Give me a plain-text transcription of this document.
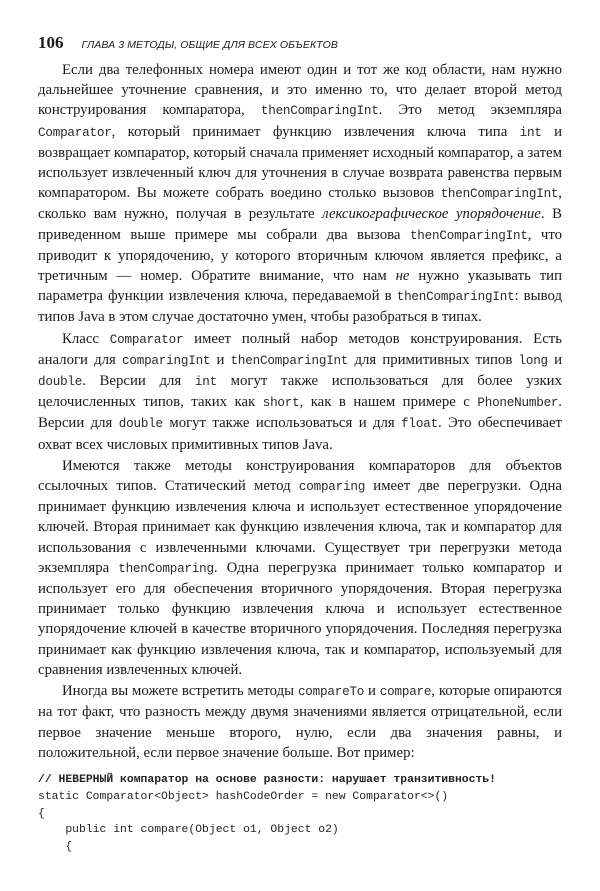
106 ГЛАВА 3 МЕТОДЫ, ОБЩИЕ ДЛЯ ВСЕХ ОБЪЕКТОВ

Если два телефонных номера имеют один и тот же код области, нам нужно дальнейшее уточнение сравнения, и это именно то, что делает второй метод конструирования компаратора, thenComparingInt. Это метод экземпляра Comparator, который принимает функцию извлечения ключа типа int и возвращает компаратор, который сначала применяет исходный компаратор, а затем использует извлеченный ключ для уточнения в случае возврата равенства первым компаратором. Вы можете собрать воедино столько вызовов thenComparingInt, сколько вам нужно, получая в результате лексикографическое упорядочение. В приведенном выше примере мы собрали два вызова thenComparingInt, что приводит к упорядочению, у которого вторичным ключом является префикс, а третичным — номер. Обратите внимание, что нам не нужно указывать тип параметра функции извлечения ключа, передаваемой в thenComparingInt: вывод типов Java в этом случае достаточно умен, чтобы разобраться в типах.

Класс Comparator имеет полный набор методов конструирования. Есть аналоги для comparingInt и thenComparingInt для примитивных типов long и double. Версии для int могут также использоваться для более узких целочисленных типов, таких как short, как в нашем примере с PhoneNumber. Версии для double могут также использоваться и для float. Это обеспечивает охват всех числовых примитивных типов Java.

Имеются также методы конструирования компараторов для объектов ссылочных типов. Статический метод comparing имеет две перегрузки. Одна принимает функцию извлечения ключа и использует естественное упорядочение ключей. Вторая принимает как функцию извлечения ключа, так и компаратор для использования с извлеченными ключами. Существует три перегрузки метода экземпляра thenComparing. Одна перегрузка принимает только компаратор и использует его для обеспечения вторичного упорядочения. Вторая перегрузка принимает только функцию извлечения ключа и использует естественное упорядочение ключей в качестве вторичного упорядочения. Последняя перегрузка принимает как функцию извлечения ключа, так и компаратор, используемый для сравнения извлеченных ключей.

Иногда вы можете встретить методы compareTo и compare, которые опираются на тот факт, что разность между двумя значениями является отрицательной, если первое значение меньше второго, нулю, если два значения равны, и положительной, если первое значение больше. Вот пример:

// НЕВЕРНЫЙ компаратор на основе разности: нарушает транзитивность!
static Comparator<Object> hashCodeOrder = new Comparator<>()
{
public int compare(Object o1, Object o2)
{
